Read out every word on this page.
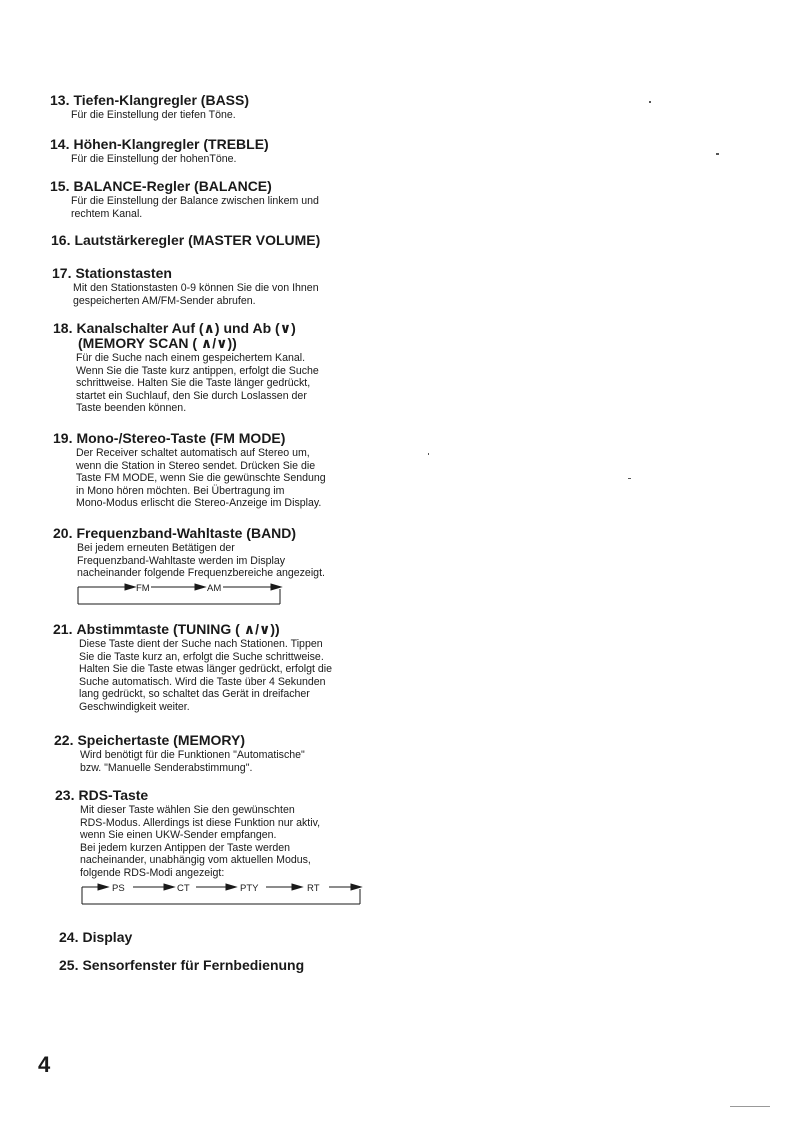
13. Tiefen-Klangregler (BASS)
Für die Einstellung der tiefen Töne.
14. Höhen-Klangregler (TREBLE)
Für die Einstellung der hohenTöne.
15. BALANCE-Regler (BALANCE)
Für die Einstellung der Balance zwischen linkem und
rechtem Kanal.
16. Lautstärkeregler (MASTER VOLUME)
17. Stationstasten
Mit den Stationstasten 0-9 können Sie die von Ihnen
gespeicherten AM/FM-Sender abrufen.
18. Kanalschalter Auf (∧) und Ab (∨)
(MEMORY SCAN ( ∧/∨))
Für die Suche nach einem gespeichertem Kanal.
Wenn Sie die Taste kurz antippen, erfolgt die Suche
schrittweise. Halten Sie die Taste länger gedrückt,
startet ein Suchlauf, den Sie durch Loslassen der
Taste beenden können.
19. Mono-/Stereo-Taste (FM MODE)
Der Receiver schaltet automatisch auf Stereo um,
wenn die Station in Stereo sendet. Drücken Sie die
Taste FM MODE, wenn Sie die gewünschte Sendung
in Mono hören möchten. Bei Übertragung im
Mono-Modus erlischt die Stereo-Anzeige im Display.
20. Frequenzband-Wahltaste (BAND)
Bei jedem erneuten Betätigen der
Frequenzband-Wahltaste werden im Display
nacheinander folgende Frequenzbereiche angezeigt.
FM	AM
21. Abstimmtaste (TUNING ( ∧/∨))
Diese Taste dient der Suche nach Stationen. Tippen
Sie die Taste kurz an, erfolgt die Suche schrittweise.
Halten Sie die Taste etwas länger gedrückt, erfolgt die
Suche automatisch. Wird die Taste über 4 Sekunden
lang gedrückt, so schaltet das Gerät in dreifacher
Geschwindigkeit weiter.
22. Speichertaste (MEMORY)
Wird benötigt für die Funktionen "Automatische"
bzw. "Manuelle Senderabstimmung".
23. RDS-Taste
Mit dieser Taste wählen Sie den gewünschten
RDS-Modus. Allerdings ist diese Funktion nur aktiv,
wenn Sie einen UKW-Sender empfangen.
Bei jedem kurzen Antippen der Taste werden
nacheinander, unabhängig vom aktuellen Modus,
folgende RDS-Modi angezeigt:
PS	CT	PTY	RT
24. Display
25. Sensorfenster für Fernbedienung
4
